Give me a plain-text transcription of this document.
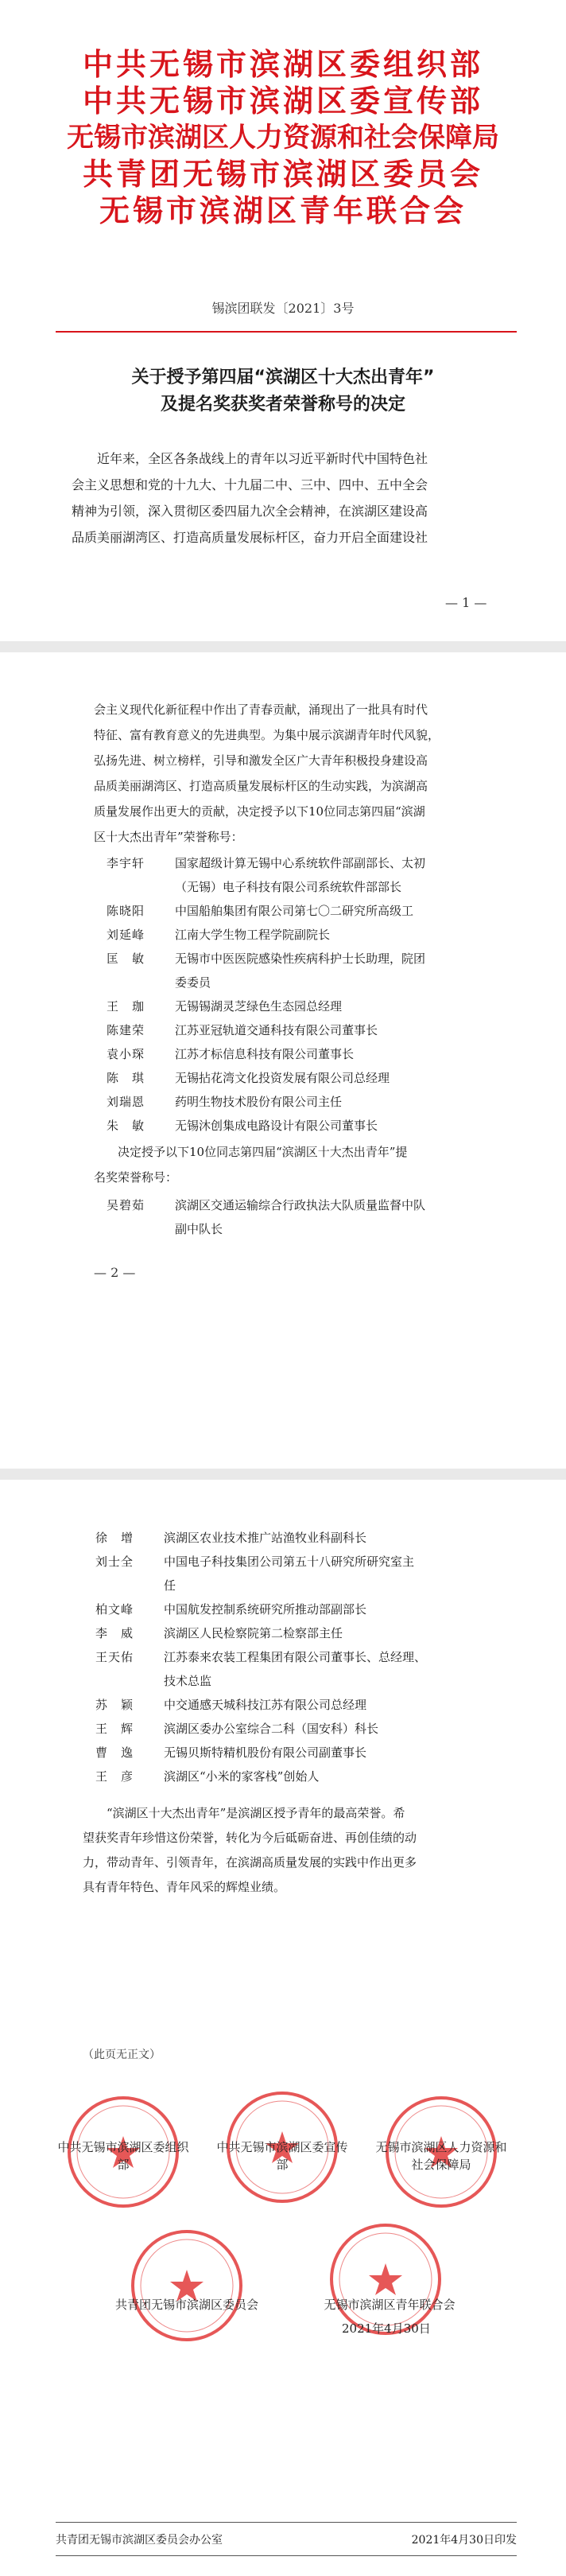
中共无锡市滨湖区委组织部
中共无锡市滨湖区委宣传部
无锡市滨湖区人力资源和社会保障局
共青团无锡市滨湖区委员会
无锡市滨湖区青年联合会
锡滨团联发〔2021〕3号
关于授予第四届“滨湖区十大杰出青年”
及提名奖获奖者荣誉称号的决定
近年来，全区各条战线上的青年以习近平新时代中国特色社
会主义思想和党的十九大、十九届二中、三中、四中、五中全会
精神为引领，深入贯彻区委四届九次全会精神，在滨湖区建设高
品质美丽湖湾区、打造高质量发展标杆区，奋力开启全面建设社
— 1 —
会主义现代化新征程中作出了青春贡献，涌现出了一批具有时代
特征、富有教育意义的先进典型。为集中展示滨湖青年时代风貌，
弘扬先进、树立榜样，引导和激发全区广大青年积极投身建设高
品质美丽湖湾区、打造高质量发展标杆区的生动实践，为滨湖高
质量发展作出更大的贡献，决定授予以下10位同志第四届“滨湖
区十大杰出青年”荣誉称号：
李宇轩	国家超级计算无锡中心系统软件部副部长、太初
（无锡）电子科技有限公司系统软件部部长
陈晓阳	中国船舶集团有限公司第七〇二研究所高级工
刘延峰	江南大学生物工程学院副院长
匡　敏	无锡市中医医院感染性疾病科护士长助理，院团
委委员
王　珈	无锡锡湖灵芝绿色生态园总经理
陈建荣	江苏亚冠轨道交通科技有限公司董事长
袁小琛	江苏才标信息科技有限公司董事长
陈　琪	无锡拈花湾文化投资发展有限公司总经理
刘瑞恩	药明生物技术股份有限公司主任
朱　敏	无锡沐创集成电路设计有限公司董事长
决定授予以下10位同志第四届“滨湖区十大杰出青年”提
名奖荣誉称号：
吴碧茹	滨湖区交通运输综合行政执法大队质量监督中队
副中队长
— 2 —
徐　增	滨湖区农业技术推广站渔牧业科副科长
刘士全	中国电子科技集团公司第五十八研究所研究室主
任
柏文峰	中国航发控制系统研究所推动部副部长
李　威	滨湖区人民检察院第二检察部主任
王天佑	江苏泰来农装工程集团有限公司董事长、总经理、
技术总监
苏　颖	中交通感天城科技江苏有限公司总经理
王　辉	滨湖区委办公室综合二科（国安科）科长
曹　逸	无锡贝斯特精机股份有限公司副董事长
王　彦	滨湖区“小米的家客栈”创始人
“滨湖区十大杰出青年”是滨湖区授予青年的最高荣誉。希
望获奖青年珍惜这份荣誉，转化为今后砥砺奋进、再创佳绩的动
力，带动青年、引领青年，在滨湖高质量发展的实践中作出更多
具有青年特色、青年风采的辉煌业绩。
（此页无正文）
中共无锡市滨湖区委组织部
中共无锡市滨湖区委宣传部
无锡市滨湖区人力资源和社会保障局
共青团无锡市滨湖区委员会	无锡市滨湖区青年联合会
2021年4月30日
共青团无锡市滨湖区委员会办公室	2021年4月30日印发
